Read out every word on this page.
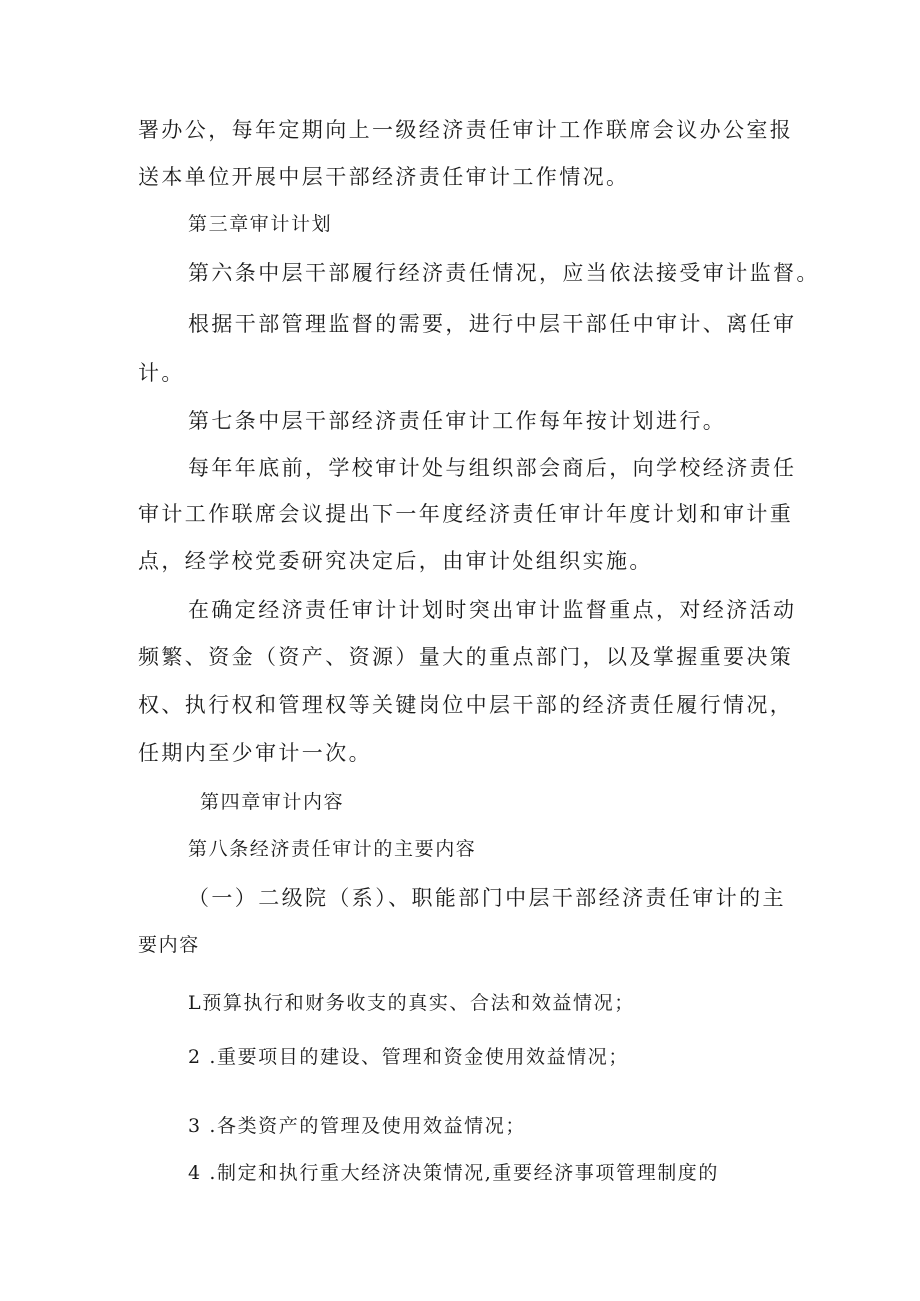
署办公，每年定期向上一级经济责任审计工作联席会议办公室报
送本单位开展中层干部经济责任审计工作情况。
第三章审计计划
第六条中层干部履行经济责任情况，应当依法接受审计监督。
根据干部管理监督的需要，进行中层干部任中审计、离任审
计。
第七条中层干部经济责任审计工作每年按计划进行。
每年年底前，学校审计处与组织部会商后，向学校经济责任
审计工作联席会议提出下一年度经济责任审计年度计划和审计重
点，经学校党委研究决定后，由审计处组织实施。
在确定经济责任审计计划时突出审计监督重点，对经济活动
频繁、资金（资产、资源）量大的重点部门，以及掌握重要决策
权、执行权和管理权等关键岗位中层干部的经济责任履行情况，
任期内至少审计一次。
第四章审计内容
第八条经济责任审计的主要内容
（一）二级院（系）、职能部门中层干部经济责任审计的主
要内容
L预算执行和财务收支的真实、合法和效益情况；
2 .重要项目的建设、管理和资金使用效益情况；
3 .各类资产的管理及使用效益情况；
4 .制定和执行重大经济决策情况,重要经济事项管理制度的
